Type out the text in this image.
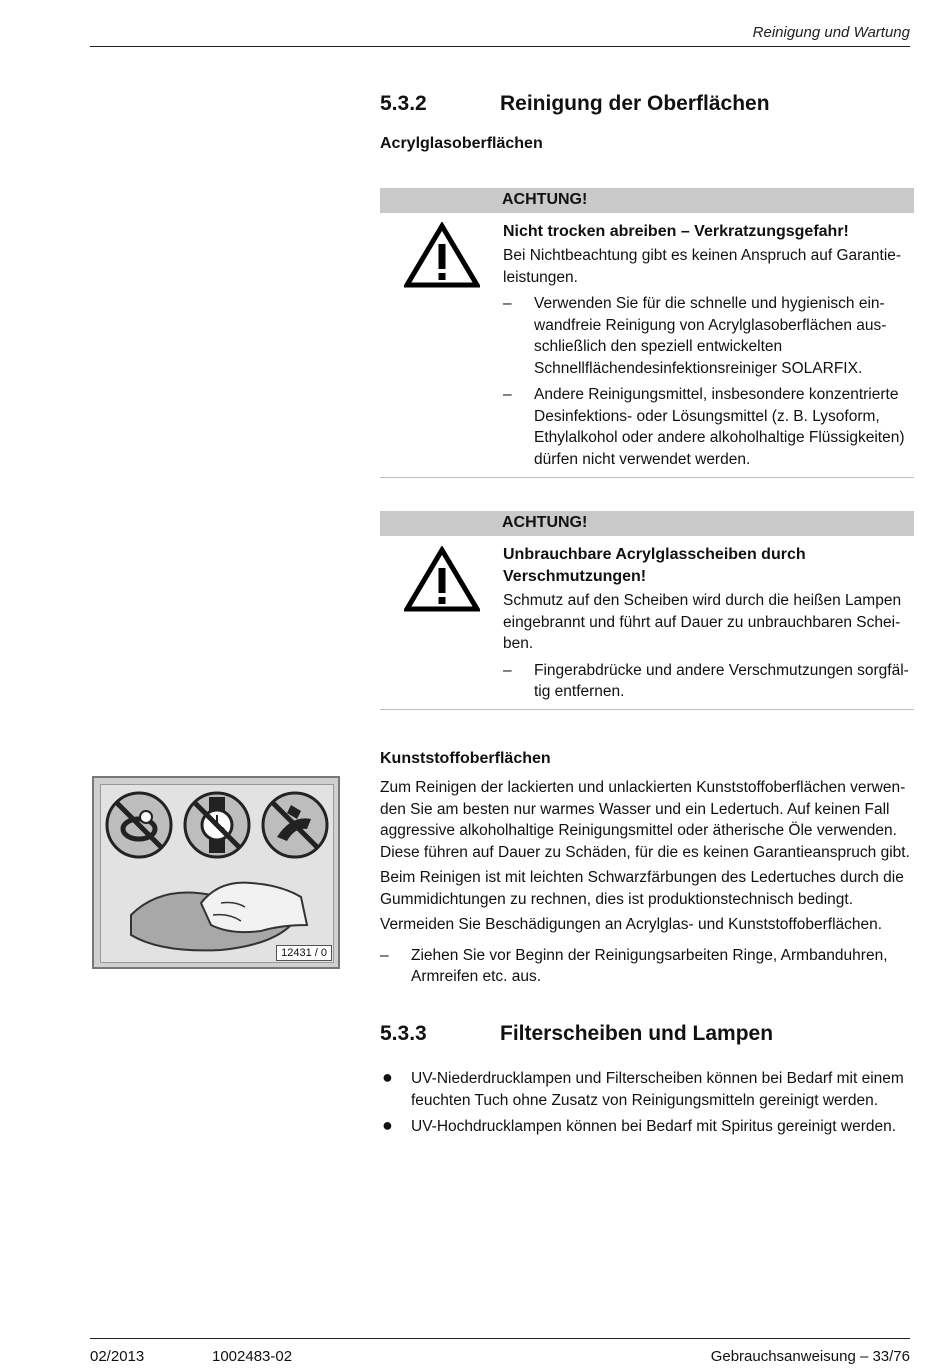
Reinigung und Wartung
5.3.2	Reinigung der Oberflächen
Acrylglasoberflächen
ACHTUNG!

Nicht trocken abreiben – Verkratzungsgefahr!

Bei Nichtbeachtung gibt es keinen Anspruch auf Garantieleistungen.

– Verwenden Sie für die schnelle und hygienisch einwandfreie Reinigung von Acrylglasoberflächen ausschließlich den speziell entwickelten Schnellflächendesinfektionsreiniger SOLARFIX.
– Andere Reinigungsmittel, insbesondere konzentrierte Desinfektions- oder Lösungsmittel (z. B. Lysoform, Ethylalkohol oder andere alkoholhaltige Flüssigkeiten) dürfen nicht verwendet werden.
ACHTUNG!

Unbrauchbare Acrylglasscheiben durch Verschmutzungen!

Schmutz auf den Scheiben wird durch die heißen Lampen eingebrannt und führt auf Dauer zu unbrauchbaren Scheiben.

– Fingerabdrücke und andere Verschmutzungen sorgfältig entfernen.
Kunststoffoberflächen

Zum Reinigen der lackierten und unlackierten Kunststoffoberflächen verwenden Sie am besten nur warmes Wasser und ein Ledertuch. Auf keinen Fall aggressive alkoholhaltige Reinigungsmittel oder ätherische Öle verwenden. Diese führen auf Dauer zu Schäden, für die es keinen Garantieanspruch gibt.

Beim Reinigen ist mit leichten Schwarzfärbungen des Ledertuches durch die Gummidichtungen zu rechnen, dies ist produktionstechnisch bedingt.

Vermeiden Sie Beschädigungen an Acrylglas- und Kunststoffoberflächen.

– Ziehen Sie vor Beginn der Reinigungsarbeiten Ringe, Armbanduhren, Armreifen etc. aus.
12431 / 0
5.3.3	Filterscheiben und Lampen
● UV-Niederdrucklampen und Filterscheiben können bei Bedarf mit einem feuchten Tuch ohne Zusatz von Reinigungsmitteln gereinigt werden.
● UV-Hochdrucklampen können bei Bedarf mit Spiritus gereinigt werden.
02/2013	1002483-02	Gebrauchsanweisung – 33/76
